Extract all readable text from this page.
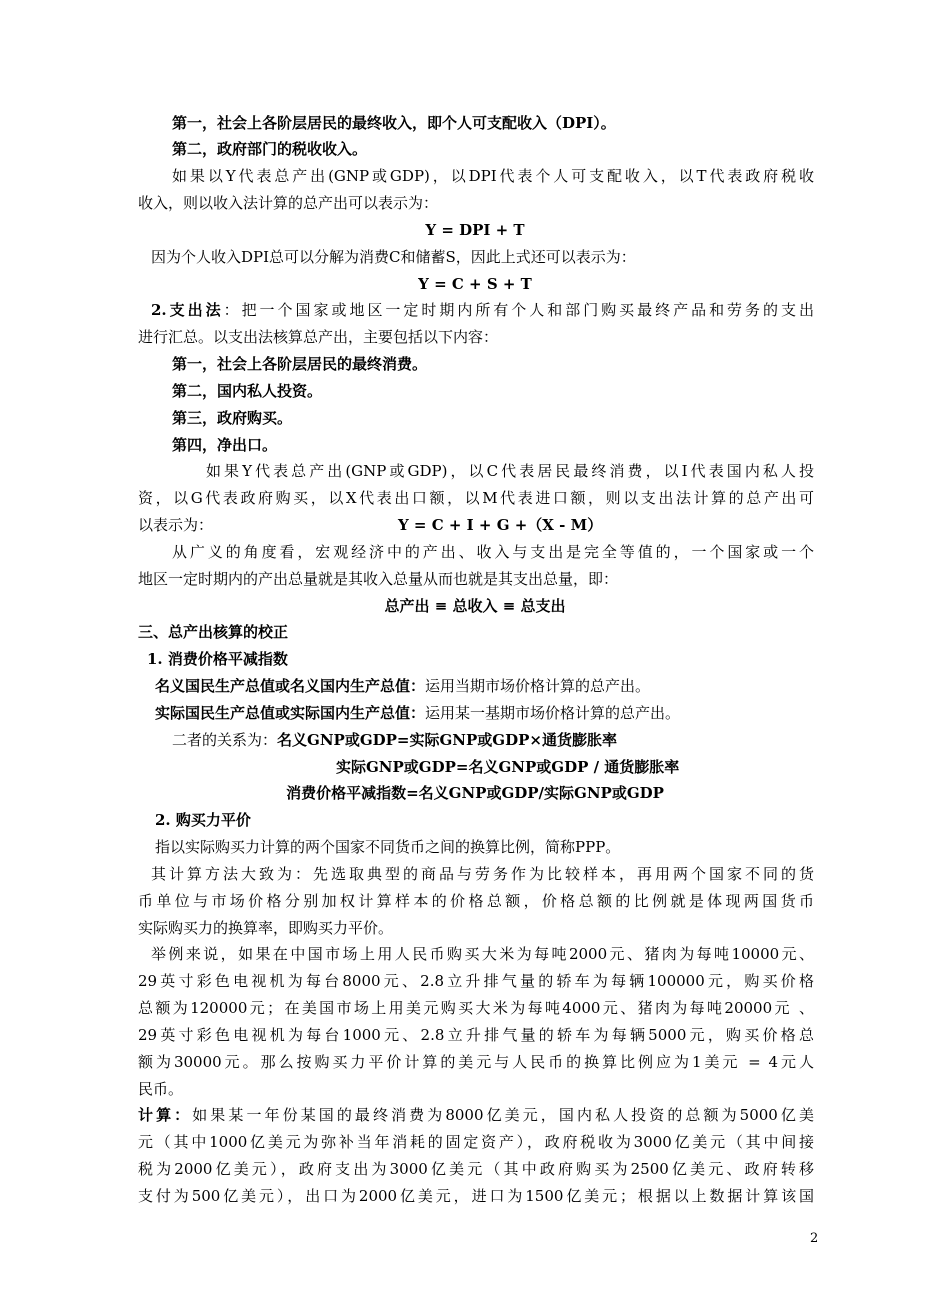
第一，社会上各阶层居民的最终收入，即个人可支配收入（DPI）。
第二，政府部门的税收收入。
如果以Y代表总产出(GNP或GDP)，以DPI代表个人可支配收入，以T代表政府税收
收入，则以收入法计算的总产出可以表示为：
Y = DPI + T
因为个人收入DPI总可以分解为消费C和储蓄S，因此上式还可以表示为：
Y = C + S + T
2.支出法：把一个国家或地区一定时期内所有个人和部门购买最终产品和劳务的支出
进行汇总。以支出法核算总产出，主要包括以下内容：
第一，社会上各阶层居民的最终消费。
第二，国内私人投资。
第三，政府购买。
第四，净出口。
如果Y代表总产出(GNP或GDP)，以C代表居民最终消费，以I代表国内私人投
资，以G代表政府购买，以X代表出口额，以M代表进口额，则以支出法计算的总产出可
以表示为：	Y = C + I + G +（X - M）
从广义的角度看，宏观经济中的产出、收入与支出是完全等值的，一个国家或一个
地区一定时期内的产出总量就是其收入总量从而也就是其支出总量，即：
总产出 ≡ 总收入 ≡ 总支出
三、总产出核算的校正
1. 消费价格平减指数
名义国民生产总值或名义国内生产总值：运用当期市场价格计算的总产出。
实际国民生产总值或实际国内生产总值：运用某一基期市场价格计算的总产出。
二者的关系为：名义GNP或GDP=实际GNP或GDP×通货膨胀率
实际GNP或GDP=名义GNP或GDP / 通货膨胀率
消费价格平减指数=名义GNP或GDP/实际GNP或GDP
2. 购买力平价
指以实际购买力计算的两个国家不同货币之间的换算比例，简称PPP。
其计算方法大致为：先选取典型的商品与劳务作为比较样本，再用两个国家不同的货
币单位与市场价格分别加权计算样本的价格总额，价格总额的比例就是体现两国货币
实际购买力的换算率，即购买力平价。
举例来说，如果在中国市场上用人民币购买大米为每吨2000元、猪肉为每吨10000元、
29英寸彩色电视机为每台8000元、2.8立升排气量的轿车为每辆100000元，购买价格
总额为120000元；在美国市场上用美元购买大米为每吨4000元、猪肉为每吨20000元 、
29英寸彩色电视机为每台1000元、2.8立升排气量的轿车为每辆5000元，购买价格总
额为30000元。那么按购买力平价计算的美元与人民币的换算比例应为1美元 = 4元人
民币。
计算：如果某一年份某国的最终消费为8000亿美元，国内私人投资的总额为5000亿美
元（其中1000亿美元为弥补当年消耗的固定资产），政府税收为3000亿美元（其中间接
税为2000亿美元），政府支出为3000亿美元（其中政府购买为2500亿美元、政府转移
支付为500亿美元），出口为2000亿美元，进口为1500亿美元；根据以上数据计算该国
2
